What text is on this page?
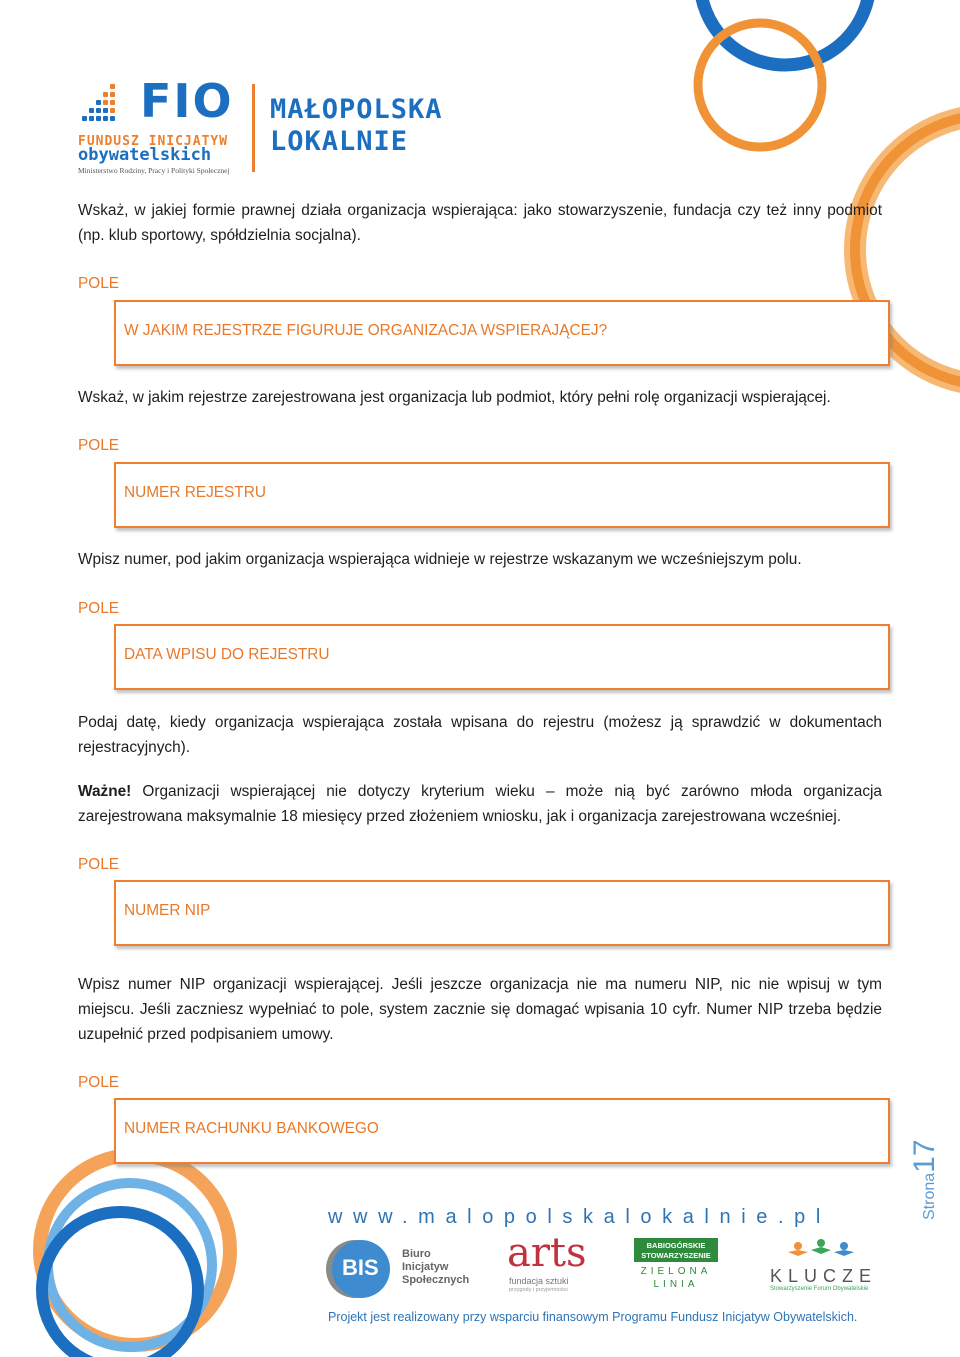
FIO
FUNDUSZ INICJATYW
obywatelskich
Ministerstwo Rodziny, Pracy i Polityki Społecznej
MAŁOPOLSKA
LOKALNIE
Wskaż, w jakiej formie prawnej działa organizacja wspierająca: jako stowarzyszenie, fundacja czy też inny podmiot (np. klub sportowy, spółdzielnia socjalna).
POLE
W JAKIM REJESTRZE FIGURUJE ORGANIZACJA WSPIERAJĄCEJ?
Wskaż, w jakim rejestrze zarejestrowana jest organizacja lub podmiot, który pełni rolę organizacji wspierającej.
POLE
NUMER REJESTRU
Wpisz numer, pod jakim organizacja wspierająca widnieje w rejestrze wskazanym we wcześniejszym polu.
POLE
DATA WPISU DO REJESTRU
Podaj datę, kiedy organizacja wspierająca została wpisana do rejestru (możesz ją sprawdzić w dokumentach rejestracyjnych).
Ważne! Organizacji wspierającej nie dotyczy kryterium wieku – może nią być zarówno młoda organizacja zarejestrowana maksymalnie 18 miesięcy przed złożeniem wniosku, jak i organizacja zarejestrowana wcześniej.
POLE
NUMER NIP
Wpisz numer NIP organizacji wspierającej. Jeśli jeszcze organizacja nie ma numeru NIP, nic nie wpisuj w tym miejscu. Jeśli zaczniesz wypełniać to pole, system zacznie się domagać wpisania 10 cyfr. Numer NIP trzeba będzie uzupełnić przed podpisaniem umowy.
POLE
NUMER RACHUNKU BANKOWEGO
Strona17
www.malopolskalokalnie.pl
BIS
Biuro
Inicjatyw
Społecznych
arts
fundacja sztuki
przygody i przyjemności
BABIOGÓRSKIE
STOWARZYSZENIE
ZIELONA
LINIA	KLUCZE
Stowarzyszenie Forum Obywatelskie
Projekt jest realizowany przy wsparciu finansowym Programu Fundusz Inicjatyw Obywatelskich.
